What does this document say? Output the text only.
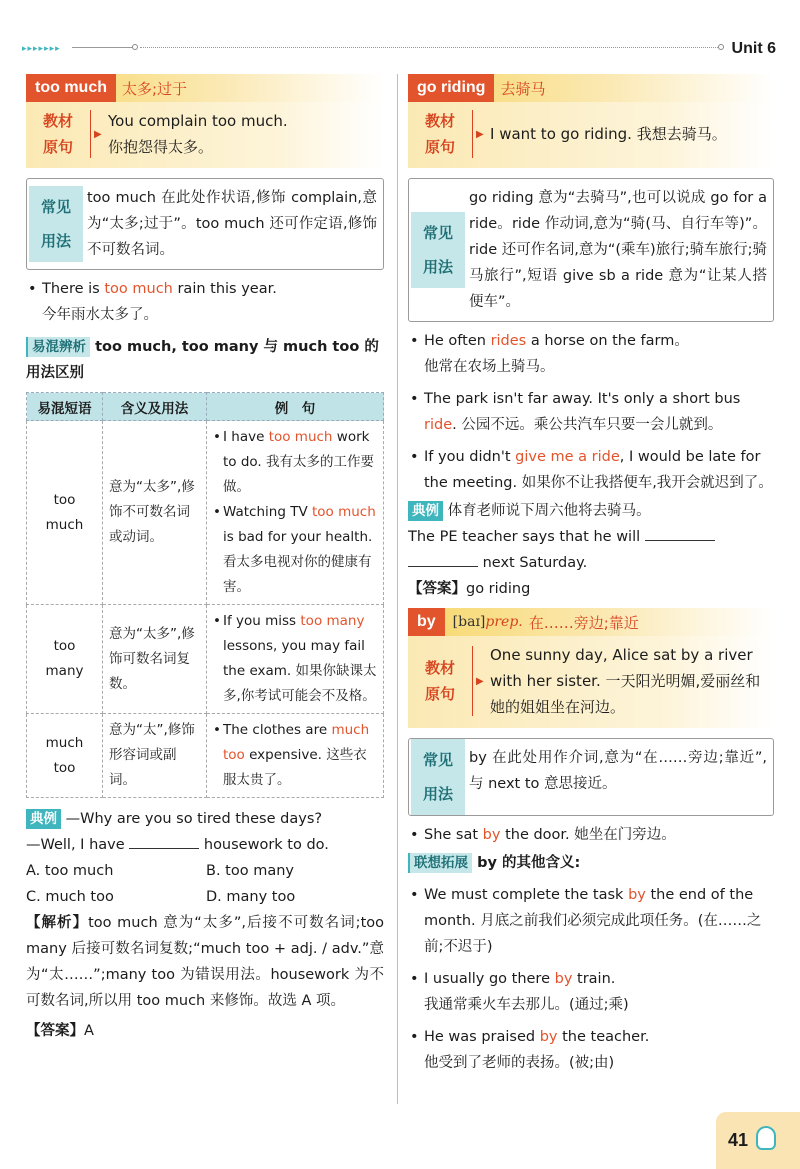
▸▸▸▸▸▸▸	Unit 6
too much	太多;过于
教材
原句
▶
You complain too much.
你抱怨得太多。
常见
用法
too much 在此处作状语,修饰 complain,意为“太多;过于”。too much 还可作定语,修饰不可数名词。
• There is too much rain this year.
今年雨水太多了。
易混辨析 too much, too many 与 much too 的用法区别
易混短语	含义及用法	例　句
too much	意为“太多”,修饰不可数名词或动词。	• I have too much work to do. 我有太多的工作要做。
• Watching TV too much is bad for your health. 看太多电视对你的健康有害。

too many	意为“太多”,修饰可数名词复数。	• If you miss too many lessons, you may fail the exam. 如果你缺课太多,你考试可能会不及格。

much too	意为“太”,修饰形容词或副词。	• The clothes are much too expensive. 这些衣服太贵了。
典例 —Why are you so tired these days?
—Well, I have	housework to do.
A. too much	B. too many
C. much too	D. many too
【解析】too much 意为“太多”,后接不可数名词;too many 后接可数名词复数;“much too + adj. / adv.”意为“太……”;many too 为错误用法。housework 为不可数名词,所以用 too much 来修饰。故选 A 项。
【答案】A
go riding	去骑马
教材
原句
▶ I want to go riding. 我想去骑马。
常见
用法
go riding 意为“去骑马”,也可以说成 go for a ride。ride 作动词,意为“骑(马、自行车等)”。ride 还可作名词,意为“(乘车)旅行;骑车旅行;骑马旅行”,短语 give sb a ride 意为“让某人搭便车”。
• He often rides a horse on the farm。
他常在农场上骑马。
• The park isn't far away. It's only a short bus ride. 公园不远。乘公共汽车只要一会儿就到。
• If you didn't give me a ride, I would be late for the meeting. 如果你不让我搭便车,我开会就迟到了。
典例 体育老师说下周六他将去骑马。
The PE teacher says that he will  next Saturday.
【答案】go riding
by	[baɪ]prep. 在……旁边;靠近
教材
原句
▶
One sunny day, Alice sat by a river with her sister. 一天阳光明媚,爱丽丝和她的姐姐坐在河边。
常见
用法
by 在此处用作介词,意为“在……旁边;靠近”,与 next to 意思接近。
• She sat by the door. 她坐在门旁边。
联想拓展 by 的其他含义:
• We must complete the task by the end of the month. 月底之前我们必须完成此项任务。(在……之前;不迟于)
• I usually go there by train.
我通常乘火车去那儿。(通过;乘)
• He was praised by the teacher.
他受到了老师的表扬。(被;由)
41
